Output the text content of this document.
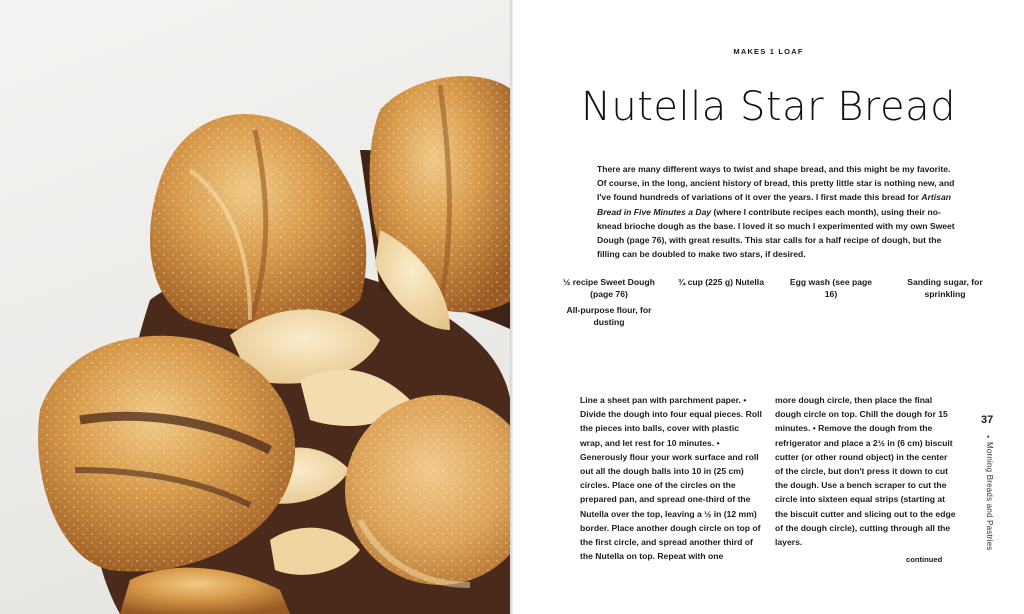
MAKES 1 LOAF
Nutella Star Bread

There are many different ways to twist and shape bread, and this might be my favorite. Of course, in the long, ancient history of bread, this pretty little star is nothing new, and I've found hundreds of variations of it over the years. I first made this bread for Artisan Bread in Five Minutes a Day (where I contribute recipes each month), using their no-knead brioche dough as the base. I loved it so much I experimented with my own Sweet Dough (page 76), with great results. This star calls for a half recipe of dough, but the filling can be doubled to make two stars, if desired.

½ recipe Sweet Dough (page 76)
All-purpose flour, for dusting
¾ cup (225 g) Nutella	Egg wash (see page 16)
Sanding sugar, for sprinkling

Line a sheet pan with parchment paper. • Divide the dough into four equal pieces. Roll the pieces into balls, cover with plastic wrap, and let rest for 10 minutes. • Generously flour your work surface and roll out all the dough balls into 10 in (25 cm) circles. Place one of the circles on the prepared pan, and spread one-third of the Nutella over the top, leaving a ½ in (12 mm) border. Place another dough circle on top of the first circle, and spread another third of the Nutella on top. Repeat with one

more dough circle, then place the final dough circle on top. Chill the dough for 15 minutes. • Remove the dough from the refrigerator and place a 2½ in (6 cm) biscuit cutter (or other round object) in the center of the circle, but don't press it down to cut the dough. Use a bench scraper to cut the circle into sixteen equal strips (starting at the biscuit cutter and slicing out to the edge of the dough circle), cutting through all the layers.

continued
37
•
Morning Breads and Pastries
